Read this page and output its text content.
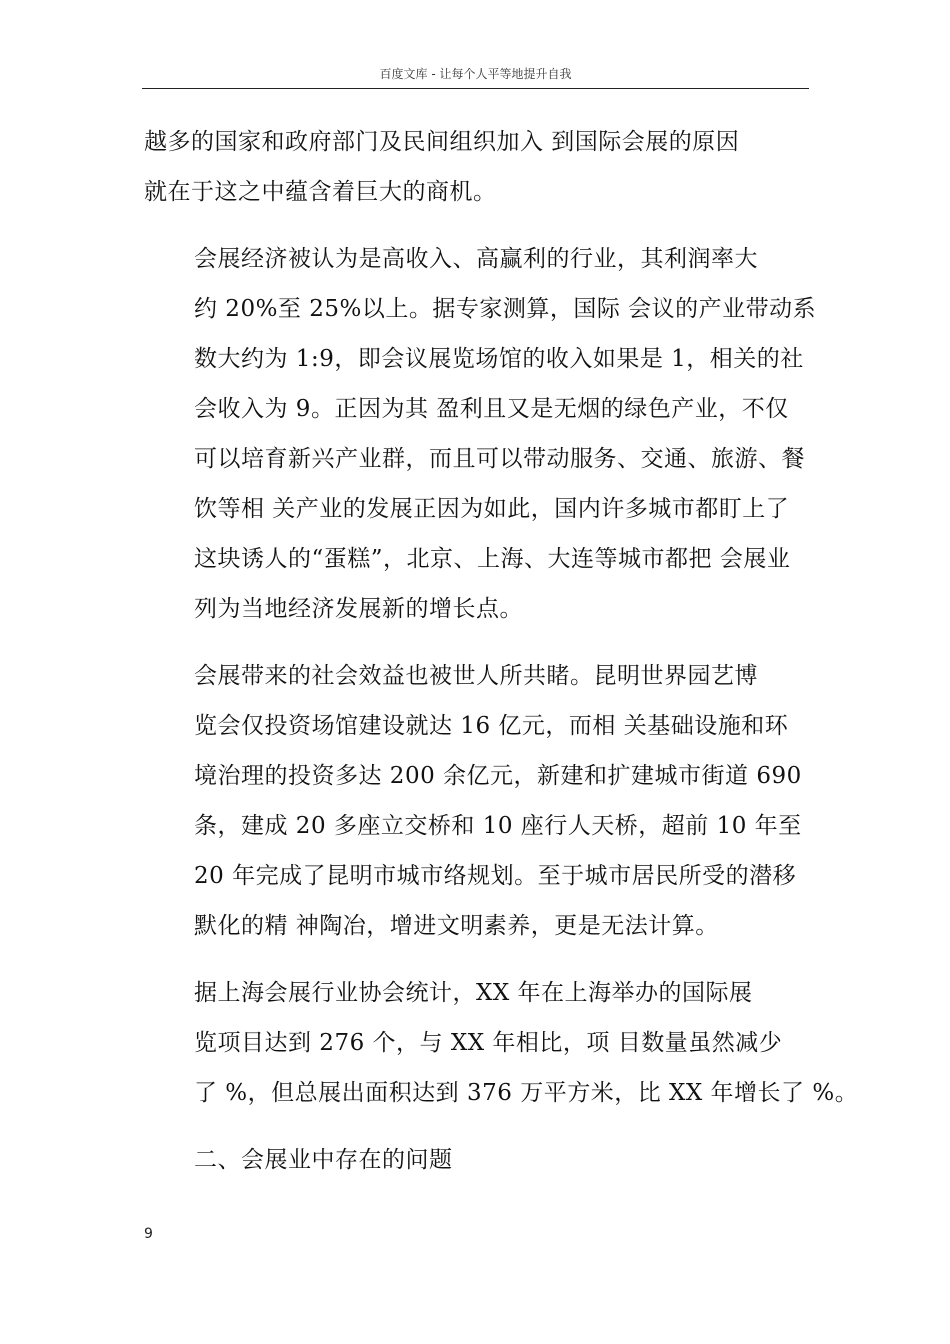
百度文库 - 让每个人平等地提升自我

越多的国家和政府部门及民间组织加入 到国际会展的原因
就在于这之中蕴含着巨大的商机。

会展经济被认为是高收入、高赢利的行业，其利润率大
约 20%至 25%以上。据专家测算，国际 会议的产业带动系
数大约为 1:9，即会议展览场馆的收入如果是 1，相关的社
会收入为 9。正因为其 盈利且又是无烟的绿色产业，不仅
可以培育新兴产业群，而且可以带动服务、交通、旅游、餐
饮等相 关产业的发展正因为如此，国内许多城市都盯上了
这块诱人的“蛋糕”，北京、上海、大连等城市都把 会展业
列为当地经济发展新的增长点。

会展带来的社会效益也被世人所共睹。昆明世界园艺博
览会仅投资场馆建设就达 16 亿元，而相 关基础设施和环
境治理的投资多达 200 余亿元，新建和扩建城市街道 690
条，建成 20 多座立交桥和 10 座行人天桥，超前 10 年至
20 年完成了昆明市城市络规划。至于城市居民所受的潜移
默化的精 神陶冶，增进文明素养，更是无法计算。

据上海会展行业协会统计，XX 年在上海举办的国际展
览项目达到 276 个，与 XX 年相比，项 目数量虽然减少
了 %，但总展出面积达到 376 万平方米，比 XX 年增长了 %。

二、会展业中存在的问题

9
